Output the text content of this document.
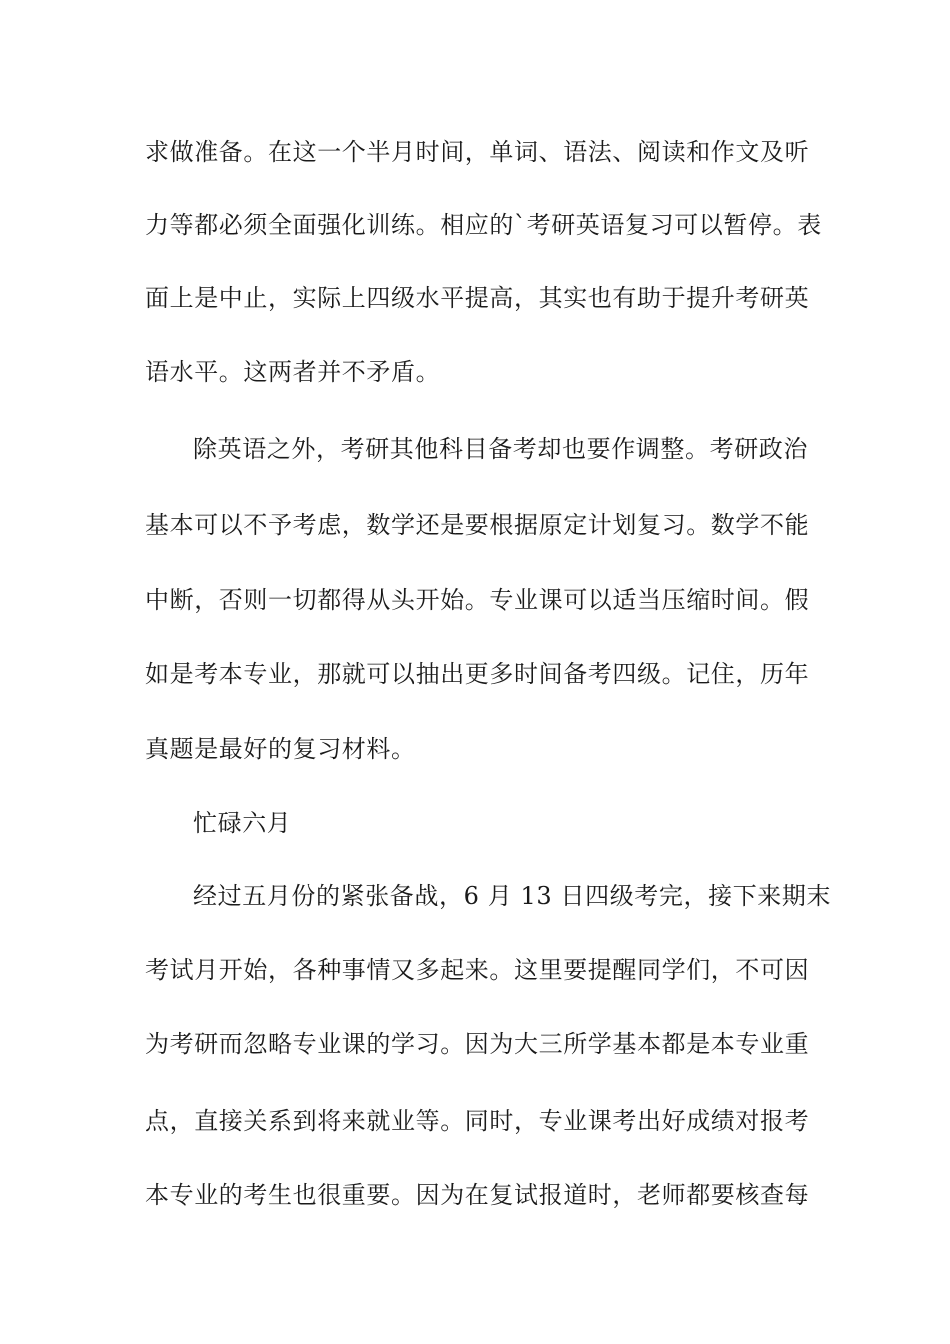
求做准备。在这一个半月时间，单词、语法、阅读和作文及听
力等都必须全面强化训练。相应的`考研英语复习可以暂停。表
面上是中止，实际上四级水平提高，其实也有助于提升考研英
语水平。这两者并不矛盾。
除英语之外，考研其他科目备考却也要作调整。考研政治
基本可以不予考虑，数学还是要根据原定计划复习。数学不能
中断，否则一切都得从头开始。专业课可以适当压缩时间。假
如是考本专业，那就可以抽出更多时间备考四级。记住，历年
真题是最好的复习材料。
忙碌六月
经过五月份的紧张备战，6 月 13 日四级考完，接下来期末
考试月开始，各种事情又多起来。这里要提醒同学们，不可因
为考研而忽略专业课的学习。因为大三所学基本都是本专业重
点，直接关系到将来就业等。同时，专业课考出好成绩对报考
本专业的考生也很重要。因为在复试报道时，老师都要核查每
